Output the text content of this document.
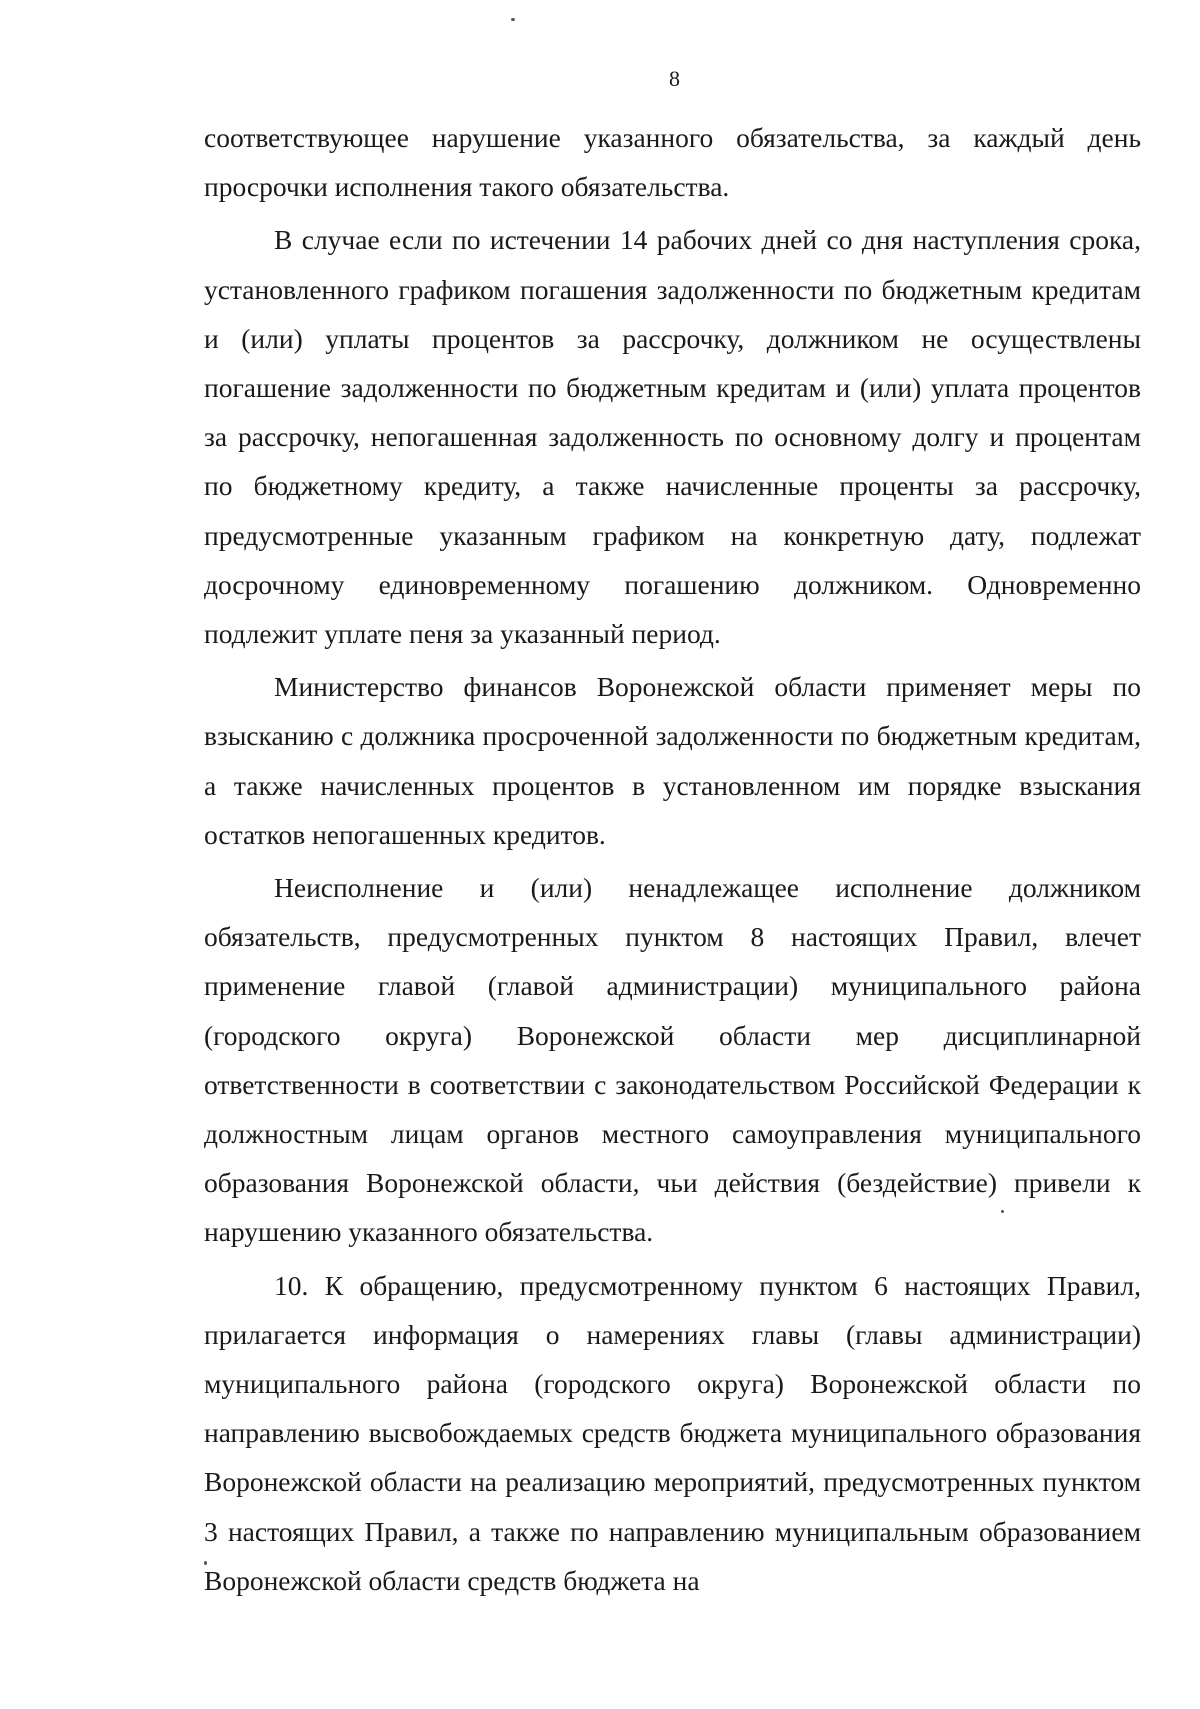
8

соответствующее нарушение указанного обязательства, за каждый день просрочки исполнения такого обязательства.

В случае если по истечении 14 рабочих дней со дня наступления срока, установленного графиком погашения задолженности по бюджетным кредитам и (или) уплаты процентов за рассрочку, должником не осуществлены погашение задолженности по бюджетным кредитам и (или) уплата процентов за рассрочку, непогашенная задолженность по основному долгу и процентам по бюджетному кредиту, а также начисленные проценты за рассрочку, предусмотренные указанным графиком на конкретную дату, подлежат досрочному единовременному погашению должником. Одновременно подлежит уплате пеня за указанный период.

Министерство финансов Воронежской области применяет меры по взысканию с должника просроченной задолженности по бюджетным кредитам, а также начисленных процентов в установленном им порядке взыскания остатков непогашенных кредитов.

Неисполнение и (или) ненадлежащее исполнение должником обязательств, предусмотренных пунктом 8 настоящих Правил, влечет применение главой (главой администрации) муниципального района (городского округа) Воронежской области мер дисциплинарной ответственности в соответствии с законодательством Российской Федерации к должностным лицам органов местного самоуправления муниципального образования Воронежской области, чьи действия (бездействие) привели к нарушению указанного обязательства.

10. К обращению, предусмотренному пунктом 6 настоящих Правил, прилагается информация о намерениях главы (главы администрации) муниципального района (городского округа) Воронежской области по направлению высвобождаемых средств бюджета муниципального образования Воронежской области на реализацию мероприятий, предусмотренных пунктом 3 настоящих Правил, а также по направлению муниципальным образованием Воронежской области средств бюджета на
